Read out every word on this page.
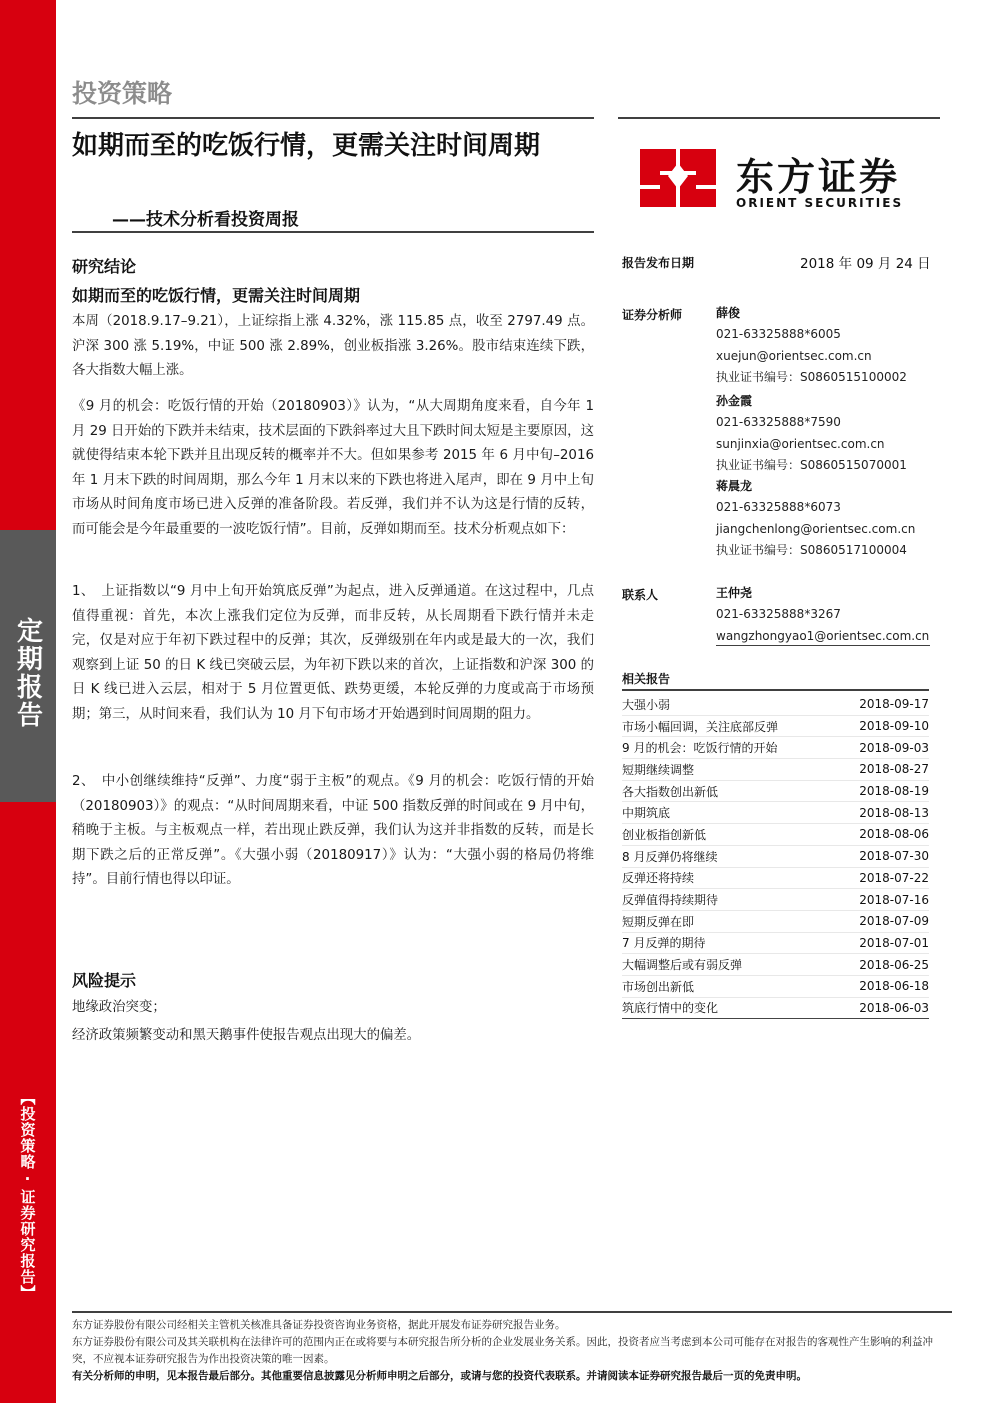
定期报告
【投资策略·证券研究报告】
投资策略
如期而至的吃饭行情，更需关注时间周期
——技术分析看投资周报
东方证券
ORIENT SECURITIES
研究结论
如期而至的吃饭行情，更需关注时间周期
本周（2018.9.17–9.21），上证综指上涨 4.32%，涨 115.85 点，收至 2797.49 点。沪深 300 涨 5.19%，中证 500 涨 2.89%，创业板指涨 3.26%。股市结束连续下跌，各大指数大幅上涨。
《9 月的机会：吃饭行情的开始（20180903）》认为，“从大周期角度来看，自今年 1 月 29 日开始的下跌并未结束，技术层面的下跌斜率过大且下跌时间太短是主要原因，这就使得结束本轮下跌并且出现反转的概率并不大。但如果参考 2015 年 6 月中旬–2016 年 1 月末下跌的时间周期，那么今年 1 月末以来的下跌也将进入尾声，即在 9 月中上旬市场从时间角度市场已进入反弹的准备阶段。若反弹，我们并不认为这是行情的反转，而可能会是今年最重要的一波吃饭行情”。目前，反弹如期而至。技术分析观点如下：
1、　上证指数以“9 月中上旬开始筑底反弹”为起点，进入反弹通道。在这过程中，几点值得重视：首先，本次上涨我们定位为反弹，而非反转，从长周期看下跌行情并未走完，仅是对应于年初下跌过程中的反弹；其次，反弹级别在年内或是最大的一次，我们观察到上证 50 的日 K 线已突破云层，为年初下跌以来的首次，上证指数和沪深 300 的日 K 线已进入云层，相对于 5 月位置更低、跌势更缓，本轮反弹的力度或高于市场预期；第三，从时间来看，我们认为 10 月下旬市场才开始遇到时间周期的阻力。
2、　中小创继续维持“反弹”、力度“弱于主板”的观点。《9 月的机会：吃饭行情的开始（20180903）》的观点：“从时间周期来看，中证 500 指数反弹的时间或在 9 月中旬，稍晚于主板。与主板观点一样，若出现止跌反弹，我们认为这并非指数的反转，而是长期下跌之后的正常反弹”。《大强小弱（20180917）》认为：“大强小弱的格局仍将维持”。目前行情也得以印证。
风险提示
地缘政治突变；
经济政策频繁变动和黑天鹅事件使报告观点出现大的偏差。
报告发布日期	2018 年 09 月 24 日
证券分析师	薛俊
021-63325888*6005
xuejun@orientsec.com.cn
执业证书编号：S0860515100002
孙金霞
021-63325888*7590
sunjinxia@orientsec.com.cn
执业证书编号：S0860515070001
蒋晨龙
021-63325888*6073
jiangchenlong@orientsec.com.cn
执业证书编号：S0860517100004
联系人	王仲尧
021-63325888*3267
wangzhongyao1@orientsec.com.cn
相关报告
大强小弱	2018-09-17
市场小幅回调，关注底部反弹	2018-09-10
9 月的机会：吃饭行情的开始	2018-09-03
短期继续调整	2018-08-27
各大指数创出新低	2018-08-19
中期筑底	2018-08-13
创业板指创新低	2018-08-06
8 月反弹仍将继续	2018-07-30
反弹还将持续	2018-07-22
反弹值得持续期待	2018-07-16
短期反弹在即	2018-07-09
7 月反弹的期待	2018-07-01
大幅调整后或有弱反弹	2018-06-25
市场创出新低	2018-06-18
筑底行情中的变化	2018-06-03
东方证券股份有限公司经相关主管机关核准具备证券投资咨询业务资格，据此开展发布证券研究报告业务。
东方证券股份有限公司及其关联机构在法律许可的范围内正在或将要与本研究报告所分析的企业发展业务关系。因此，投资者应当考虑到本公司可能存在对报告的客观性产生影响的利益冲突，不应视本证券研究报告为作出投资决策的唯一因素。
有关分析师的申明，见本报告最后部分。其他重要信息披露见分析师申明之后部分，或请与您的投资代表联系。并请阅读本证券研究报告最后一页的免责申明。
